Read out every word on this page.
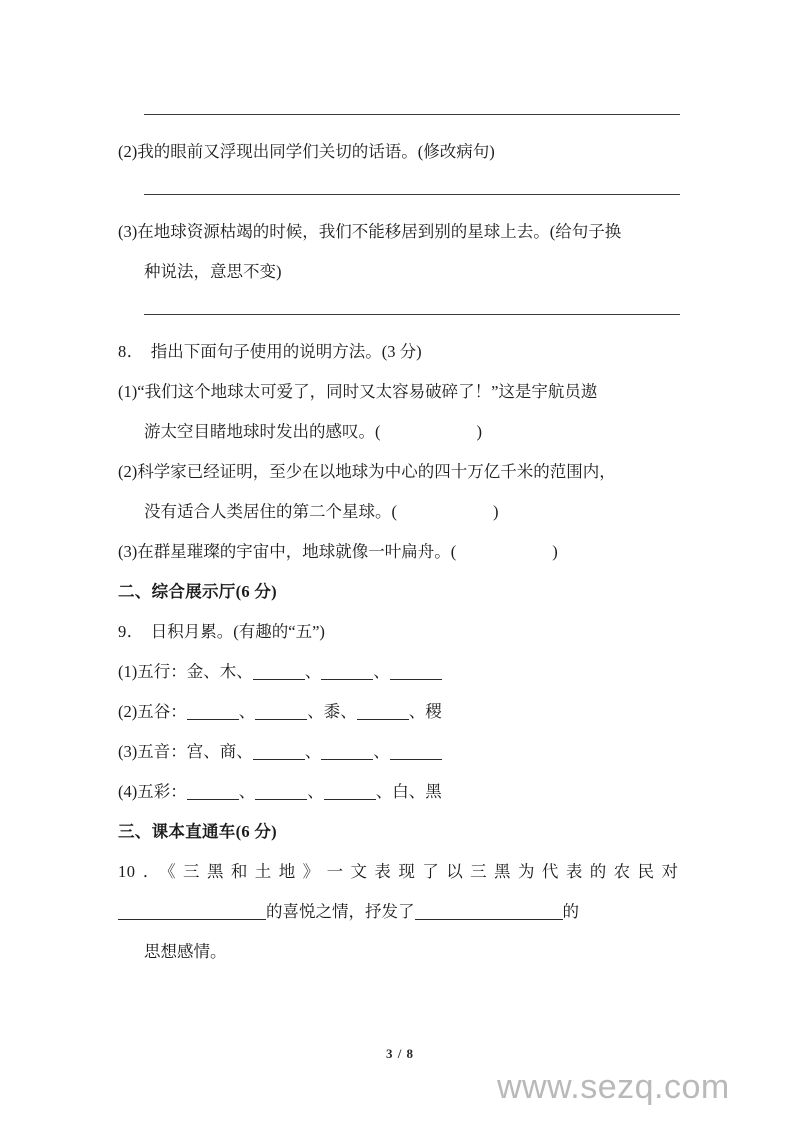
(2)我的眼前又浮现出同学们关切的话语。(修改病句)
(3)在地球资源枯竭的时候，我们不能移居到别的星球上去。(给句子换
种说法，意思不变)
8． 指出下面句子使用的说明方法。(3 分)
(1)“我们这个地球太可爱了，同时又太容易破碎了！”这是宇航员遨
游太空目睹地球时发出的感叹。(	)
(2)科学家已经证明，至少在以地球为中心的四十万亿千米的范围内，
没有适合人类居住的第二个星球。(	)
(3)在群星璀璨的宇宙中，地球就像一叶扁舟。(	)
二、综合展示厅(6 分)
9． 日积月累。(有趣的“五”)
(1)五行：金、木、	、	、
(2)五谷：	、	、黍、	、稷
(3)五音：宫、商、	、	、
(4)五彩：	、	、	、白、黑
三、课本直通车(6 分)
10．《三黑和土地》一文表现了以三黑为代表的农民对
的喜悦之情，抒发了	的
思想感情。
3 / 8
www.sezq.com
